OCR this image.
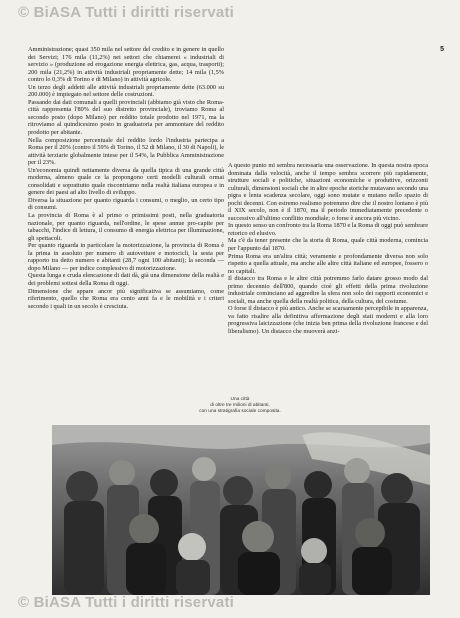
© BiASA Tutti i diritti riservati
5

Amministrazione; quasi 350 mila nel settore del credito e in genere in quello dei Servizi; 176 mila (11,2%) nei settori che chiamerei « industriali di servizio » (produzione ed erogazione energia elettrica, gas, acqua, trasporti); 200 mila (21,2%) in attività industriali propriamente dette; 14 mila (1,5% contro lo 0,3% di Torino e di Milano) in attività agricole.

Un terzo degli addetti alle attività industriali propriamente dette (63.000 su 200.000) è impiegato nel settore delle costruzioni.

Passando dai dati comunali a quelli provinciali (abbiamo già visto che Roma-città rappresenta l'80% del suo distretto provinciale), troviamo Roma al secondo posto (dopo Milano) per reddito totale prodotto nel 1971, ma la ritroviamo al quindicesimo posto in graduatoria per ammontare del reddito prodotto per abitante.

Nella composizione percentuale del reddito lordo l'industria partecipa a Roma per il 20% (contro il 59% di Torino, il 52 di Milano, il 30 di Napoli), le attività terziarie globalmente intese per il 54%, la Pubblica Amministrazione per il 23%.

Un'economia quindi nettamente diversa da quella tipica di una grande città moderna, almeno quale ce la propongono certi modelli culturali ormai consolidati e soprattutto quale riscontriamo nella realtà italiana europea e in genere dei paesi ad alto livello di sviluppo.

Diversa la situazione per quanto riguarda i consumi, o meglio, un certo tipo di consumi.

La provincia di Roma è al primo o primissimi posti, nella graduatoria nazionale, per quanto riguarda, nell'ordine, le spese annue pro-capite per tabacchi, l'indice di lettura, il consumo di energia elettrica per illuminazione, gli spettacoli.

Per quanto riguarda in particolare la motorizzazione, la provincia di Roma è la prima in assoluto per numero di autovetture e motocicli, la sesta per rapporto tra detto numero e abitanti (28,7 ogni 100 abitanti); la seconda — dopo Milano — per indice complessivo di motorizzazione.

Questa lunga e cruda elencazione di dati dà, già una dimensione della realtà e dei problemi sottesi della Roma di oggi.

Dimensione che appare ancor più significativa se assumiamo, come riferimento, quello che Roma era cento anni fa e le mobilità e i criteri secondo i quali in un secolo è cresciuta.

A questo punto mi sembra necessaria una osservazione. In questa nostra epoca dominata dalla velocità, anche il tempo sembra scorrere più rapidamente, strutture sociali e politiche, situazioni economiche e produttive, orizzonti culturali, dimensioni sociali che in altre epoche storiche mutavano secondo una pigra e lenta scadenza secolare, oggi sono mutate e mutano nello spazio di pochi decenni. Con estremo realismo potremmo dire che il nostro lontano è più il XIX secolo, non è il 1870, ma il periodo immediatamente precedente o successivo all'ultimo conflitto mondiale; o forse è ancora più vicino.

In questo senso un confronto tra la Roma 1870 e la Roma di oggi può sembrare retorico ed elusivo.

Ma c'è da tener presente che la storia di Roma, quale città moderna, comincia per l'appunto dal 1870.

Prima Roma era un'altra città; veramente e profondamente diversa non solo rispetto a quella attuale, ma anche alle altre città italiane ed europee, fossero o no capitali.

Il distacco tra Roma e le altre città potremmo farlo datare grosso modo dal primo decennio dell'800, quando cioè gli effetti della prima rivoluzione industriale cominciano ad aggredire la sfera non solo dei rapporti economici e sociali, ma anche quella della realtà politica, della cultura, del costume.

O forse il distacco è più antico. Anche se scarsamente percepibile in apparenza, va fatto risalire alla definitiva affermazione degli stati moderni e alla loro progressiva laicizzazione (che inizia ben prima della rivoluzione francese e del liberalismo). Un distacco che muoverà anzi-

Una città
di oltre tre milioni di abitanti,
con una stratigrafia sociale composita.
© BiASA Tutti i diritti riservati
